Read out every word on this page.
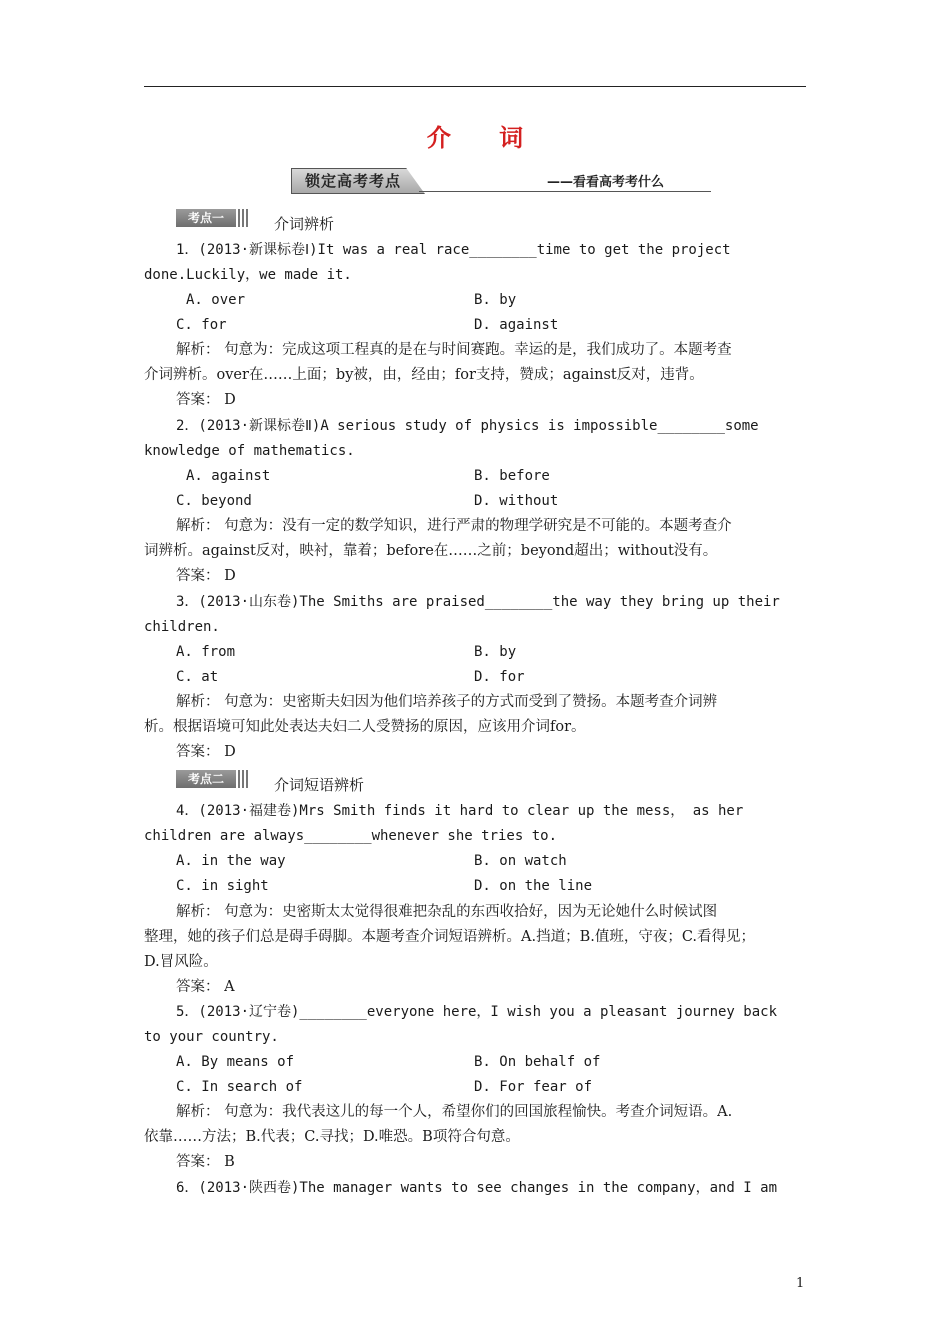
介 词
锁定高考考点	——看看高考考什么
考点一	介词辨析
1．(2013·新课标卷Ⅰ)It was a real race________time to get the project
done.Luckily，we made it.
A. over	B. by
C. for	D. against
解析： 句意为：完成这项工程真的是在与时间赛跑。幸运的是，我们成功了。本题考查
介词辨析。over在……上面；by被，由，经由；for支持，赞成；against反对，违背。
答案： D
2．(2013·新课标卷Ⅱ)A serious study of physics is impossible________some
knowledge of mathematics.
A. against	B. before
C. beyond	D. without
解析： 句意为：没有一定的数学知识，进行严肃的物理学研究是不可能的。本题考查介
词辨析。against反对，映衬，靠着；before在……之前；beyond超出；without没有。
答案： D
3．(2013·山东卷)The Smiths are praised________the way they bring up their
children.
A. from	B. by
C. at	D. for
解析： 句意为：史密斯夫妇因为他们培养孩子的方式而受到了赞扬。本题考查介词辨
析。根据语境可知此处表达夫妇二人受赞扬的原因，应该用介词for。
答案： D
考点二	介词短语辨析
4．(2013·福建卷)Mrs Smith finds it hard to clear up the mess， as her
children are always________whenever she tries to.
A. in the way	B. on watch
C. in sight	D. on the line
解析： 句意为：史密斯太太觉得很难把杂乱的东西收拾好，因为无论她什么时候试图
整理，她的孩子们总是碍手碍脚。本题考查介词短语辨析。A.挡道；B.值班，守夜；C.看得见；
D.冒风险。
答案： A
5．(2013·辽宁卷)________everyone here，I wish you a pleasant journey back
to your country.
A. By means of	B. On behalf of
C. In search of	D. For fear of
解析： 句意为：我代表这儿的每一个人，希望你们的回国旅程愉快。考查介词短语。A.
依靠……方法；B.代表；C.寻找；D.唯恐。B项符合句意。
答案： B
6．(2013·陕西卷)The manager wants to see changes in the company，and I am
1
